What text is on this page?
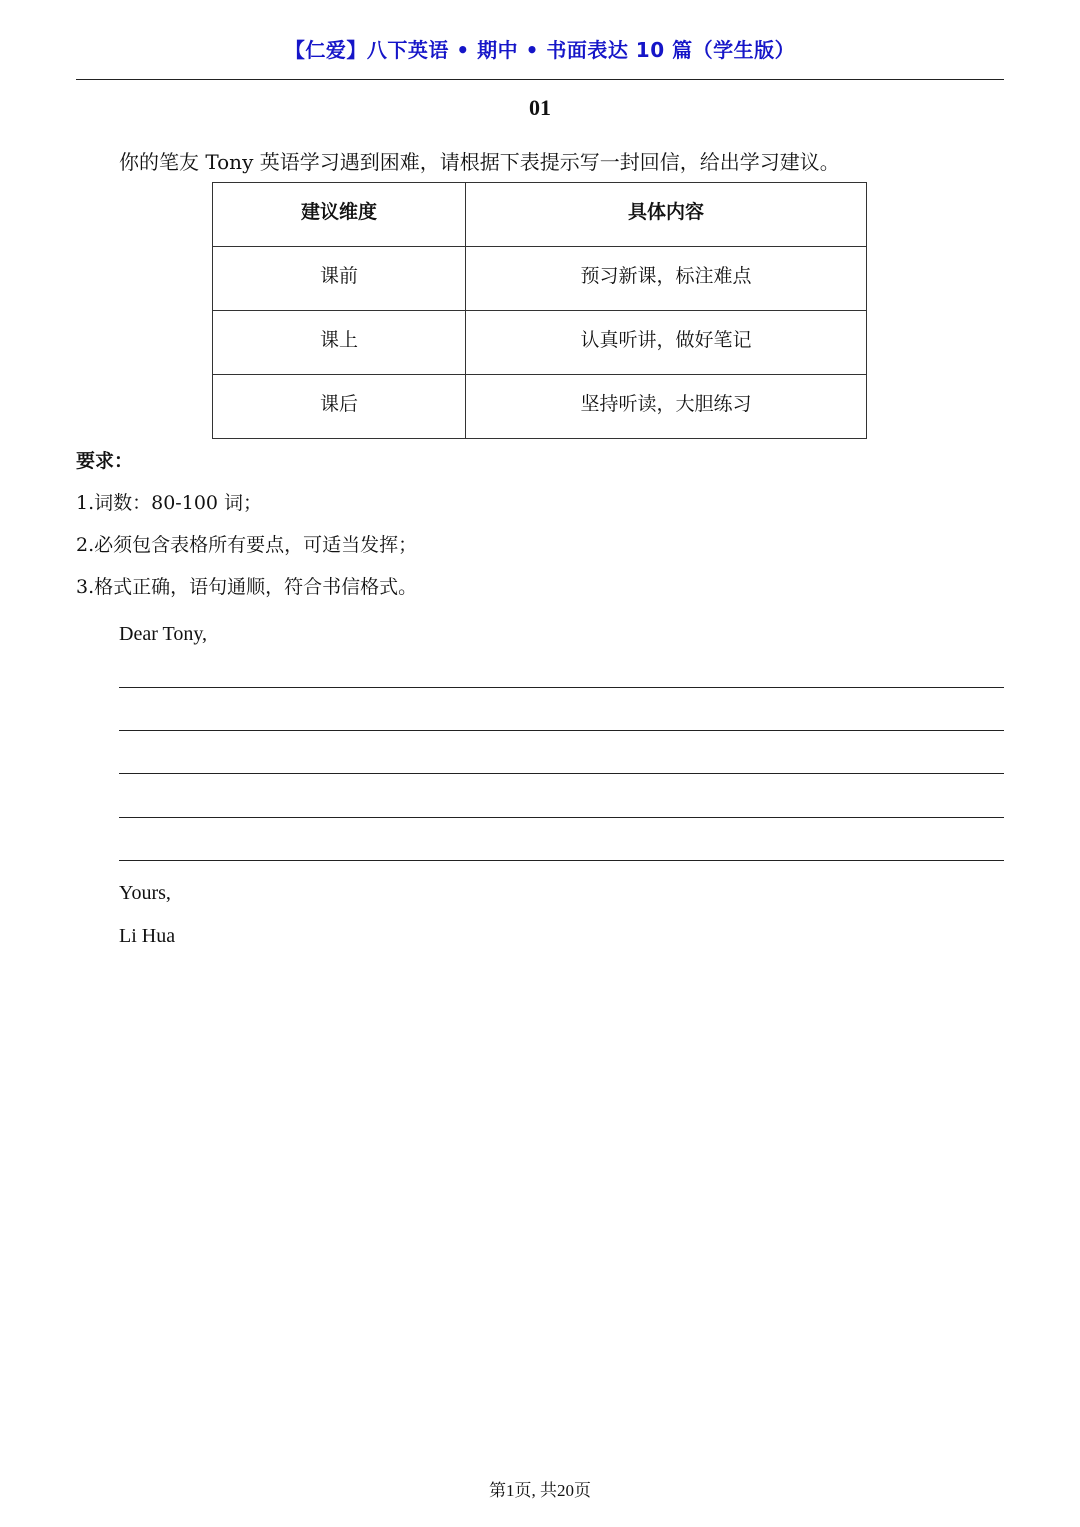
【仁爱】八下英语 • 期中 • 书面表达 10 篇（学生版）
01
你的笔友 Tony 英语学习遇到困难，请根据下表提示写一封回信，给出学习建议。
建议维度	具体内容
课前	预习新课，标注难点
课上	认真听讲，做好笔记
课后	坚持听读，大胆练习
要求：
1.词数：80-100 词；
2.必须包含表格所有要点，可适当发挥；
3.格式正确，语句通顺，符合书信格式。
Dear Tony,
Yours,
Li Hua
第1页, 共20页
